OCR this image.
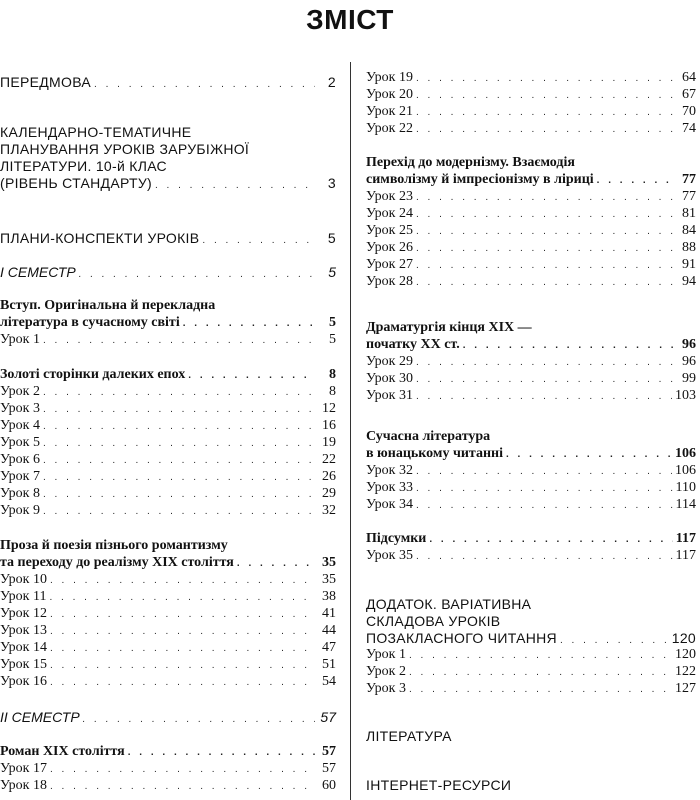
ЗМІСТ
ПЕРЕДМОВА . . .	2
КАЛЕНДАРНО-ТЕМАТИЧНЕ
ПЛАНУВАННЯ УРОКІВ ЗАРУБІЖНОЇ
ЛІТЕРАТУРИ. 10-й КЛАС
(РІВЕНЬ СТАНДАРТУ) . . .	3
ПЛАНИ-КОНСПЕКТИ УРОКІВ . . .	5
I СЕМЕСТР . . .	5
Вступ. Оригінальна й перекладна
література в сучасному світі . . .	5
Урок 1 . . .	5
Золоті сторінки далеких епох . . .	8
Урок 2 . . .	8
Урок 3 . . .	12
Урок 4 . . .	16
Урок 5 . . .	19
Урок 6 . . .	22
Урок 7 . . .	26
Урок 8 . . .	29
Урок 9 . . .	32
Проза й поезія пізнього романтизму
та переходу до реалізму XIX століття . . .	35
Урок 10 . . .	35
Урок 11 . . .	38
Урок 12 . . .	41
Урок 13 . . .	44
Урок 14 . . .	47
Урок 15 . . .	51
Урок 16 . . .	54
II СЕМЕСТР . . .	57
Роман XIX століття . . .	57
Урок 17 . . .	57
Урок 18 . . .	60
Урок 19 . . .	64
Урок 20 . . .	67
Урок 21 . . .	70
Урок 22 . . .	74
Перехід до модернізму. Взаємодія
символізму й імпресіонізму в ліриці . . .	77
Урок 23 . . .	77
Урок 24 . . .	81
Урок 25 . . .	84
Урок 26 . . .	88
Урок 27 . . .	91
Урок 28 . . .	94
Драматургія кінця XIX —
початку XX ст. . . .	96
Урок 29 . . .	96
Урок 30 . . .	99
Урок 31 . . .	103
Сучасна література
в юнацькому читанні . . .	106
Урок 32 . . .	106
Урок 33 . . .	110
Урок 34 . . .	114
Підсумки . . .	117
Урок 35 . . .	117
ДОДАТОК. ВАРІАТИВНА
СКЛАДОВА УРОКІВ
ПОЗАКЛАСНОГО ЧИТАННЯ . . .	120
Урок 1 . . .	120
Урок 2 . . .	122
Урок 3 . . .	127
ЛІТЕРАТУРА
ІНТЕРНЕТ-РЕСУРСИ
